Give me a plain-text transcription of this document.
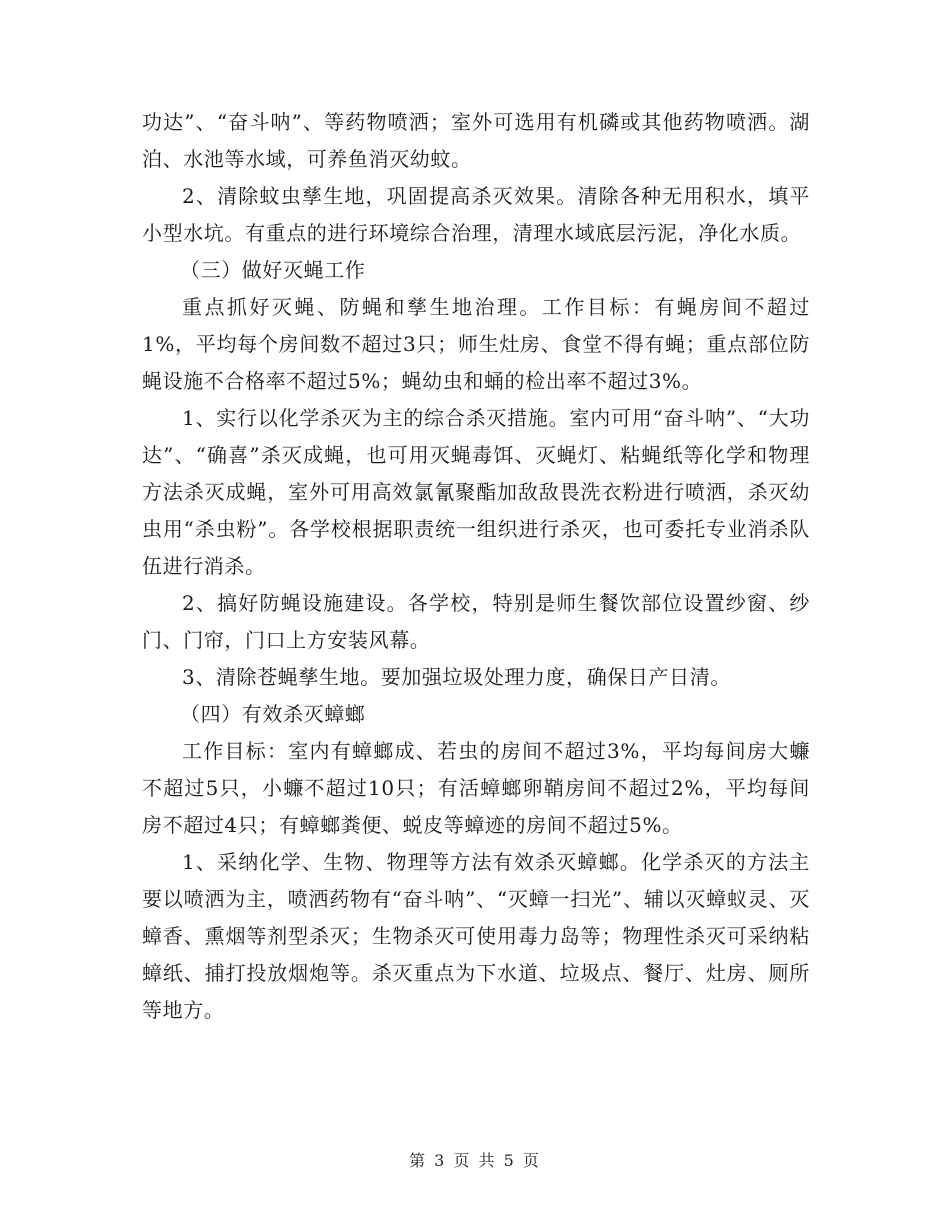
功达”、“奋斗呐”、等药物喷洒；室外可选用有机磷或其他药物喷洒。湖泊、水池等水域，可养鱼消灭幼蚊。

2、清除蚊虫孳生地，巩固提高杀灭效果。清除各种无用积水，填平小型水坑。有重点的进行环境综合治理，清理水域底层污泥，净化水质。

（三）做好灭蝇工作

重点抓好灭蝇、防蝇和孳生地治理。工作目标：有蝇房间不超过1%，平均每个房间数不超过3只；师生灶房、食堂不得有蝇；重点部位防蝇设施不合格率不超过5%；蝇幼虫和蛹的检出率不超过3%。

1、实行以化学杀灭为主的综合杀灭措施。室内可用“奋斗呐”、“大功达”、“确喜”杀灭成蝇，也可用灭蝇毒饵、灭蝇灯、粘蝇纸等化学和物理方法杀灭成蝇，室外可用高效氯氰聚酯加敌敌畏洗衣粉进行喷洒，杀灭幼虫用“杀虫粉”。各学校根据职责统一组织进行杀灭，也可委托专业消杀队伍进行消杀。

2、搞好防蝇设施建设。各学校，特别是师生餐饮部位设置纱窗、纱门、门帘，门口上方安装风幕。

3、清除苍蝇孳生地。要加强垃圾处理力度，确保日产日清。

（四）有效杀灭蟑螂

工作目标：室内有蟑螂成、若虫的房间不超过3%，平均每间房大蠊不超过5只，小蠊不超过10只；有活蟑螂卵鞘房间不超过2%，平均每间房不超过4只；有蟑螂粪便、蜕皮等蟑迹的房间不超过5%。

1、采纳化学、生物、物理等方法有效杀灭蟑螂。化学杀灭的方法主要以喷洒为主，喷洒药物有“奋斗呐”、“灭蟑一扫光”、辅以灭蟑蚁灵、灭蟑香、熏烟等剂型杀灭；生物杀灭可使用毒力岛等；物理性杀灭可采纳粘蟑纸、捕打投放烟炮等。杀灭重点为下水道、垃圾点、餐厅、灶房、厕所等地方。

第 3 页 共 5 页
